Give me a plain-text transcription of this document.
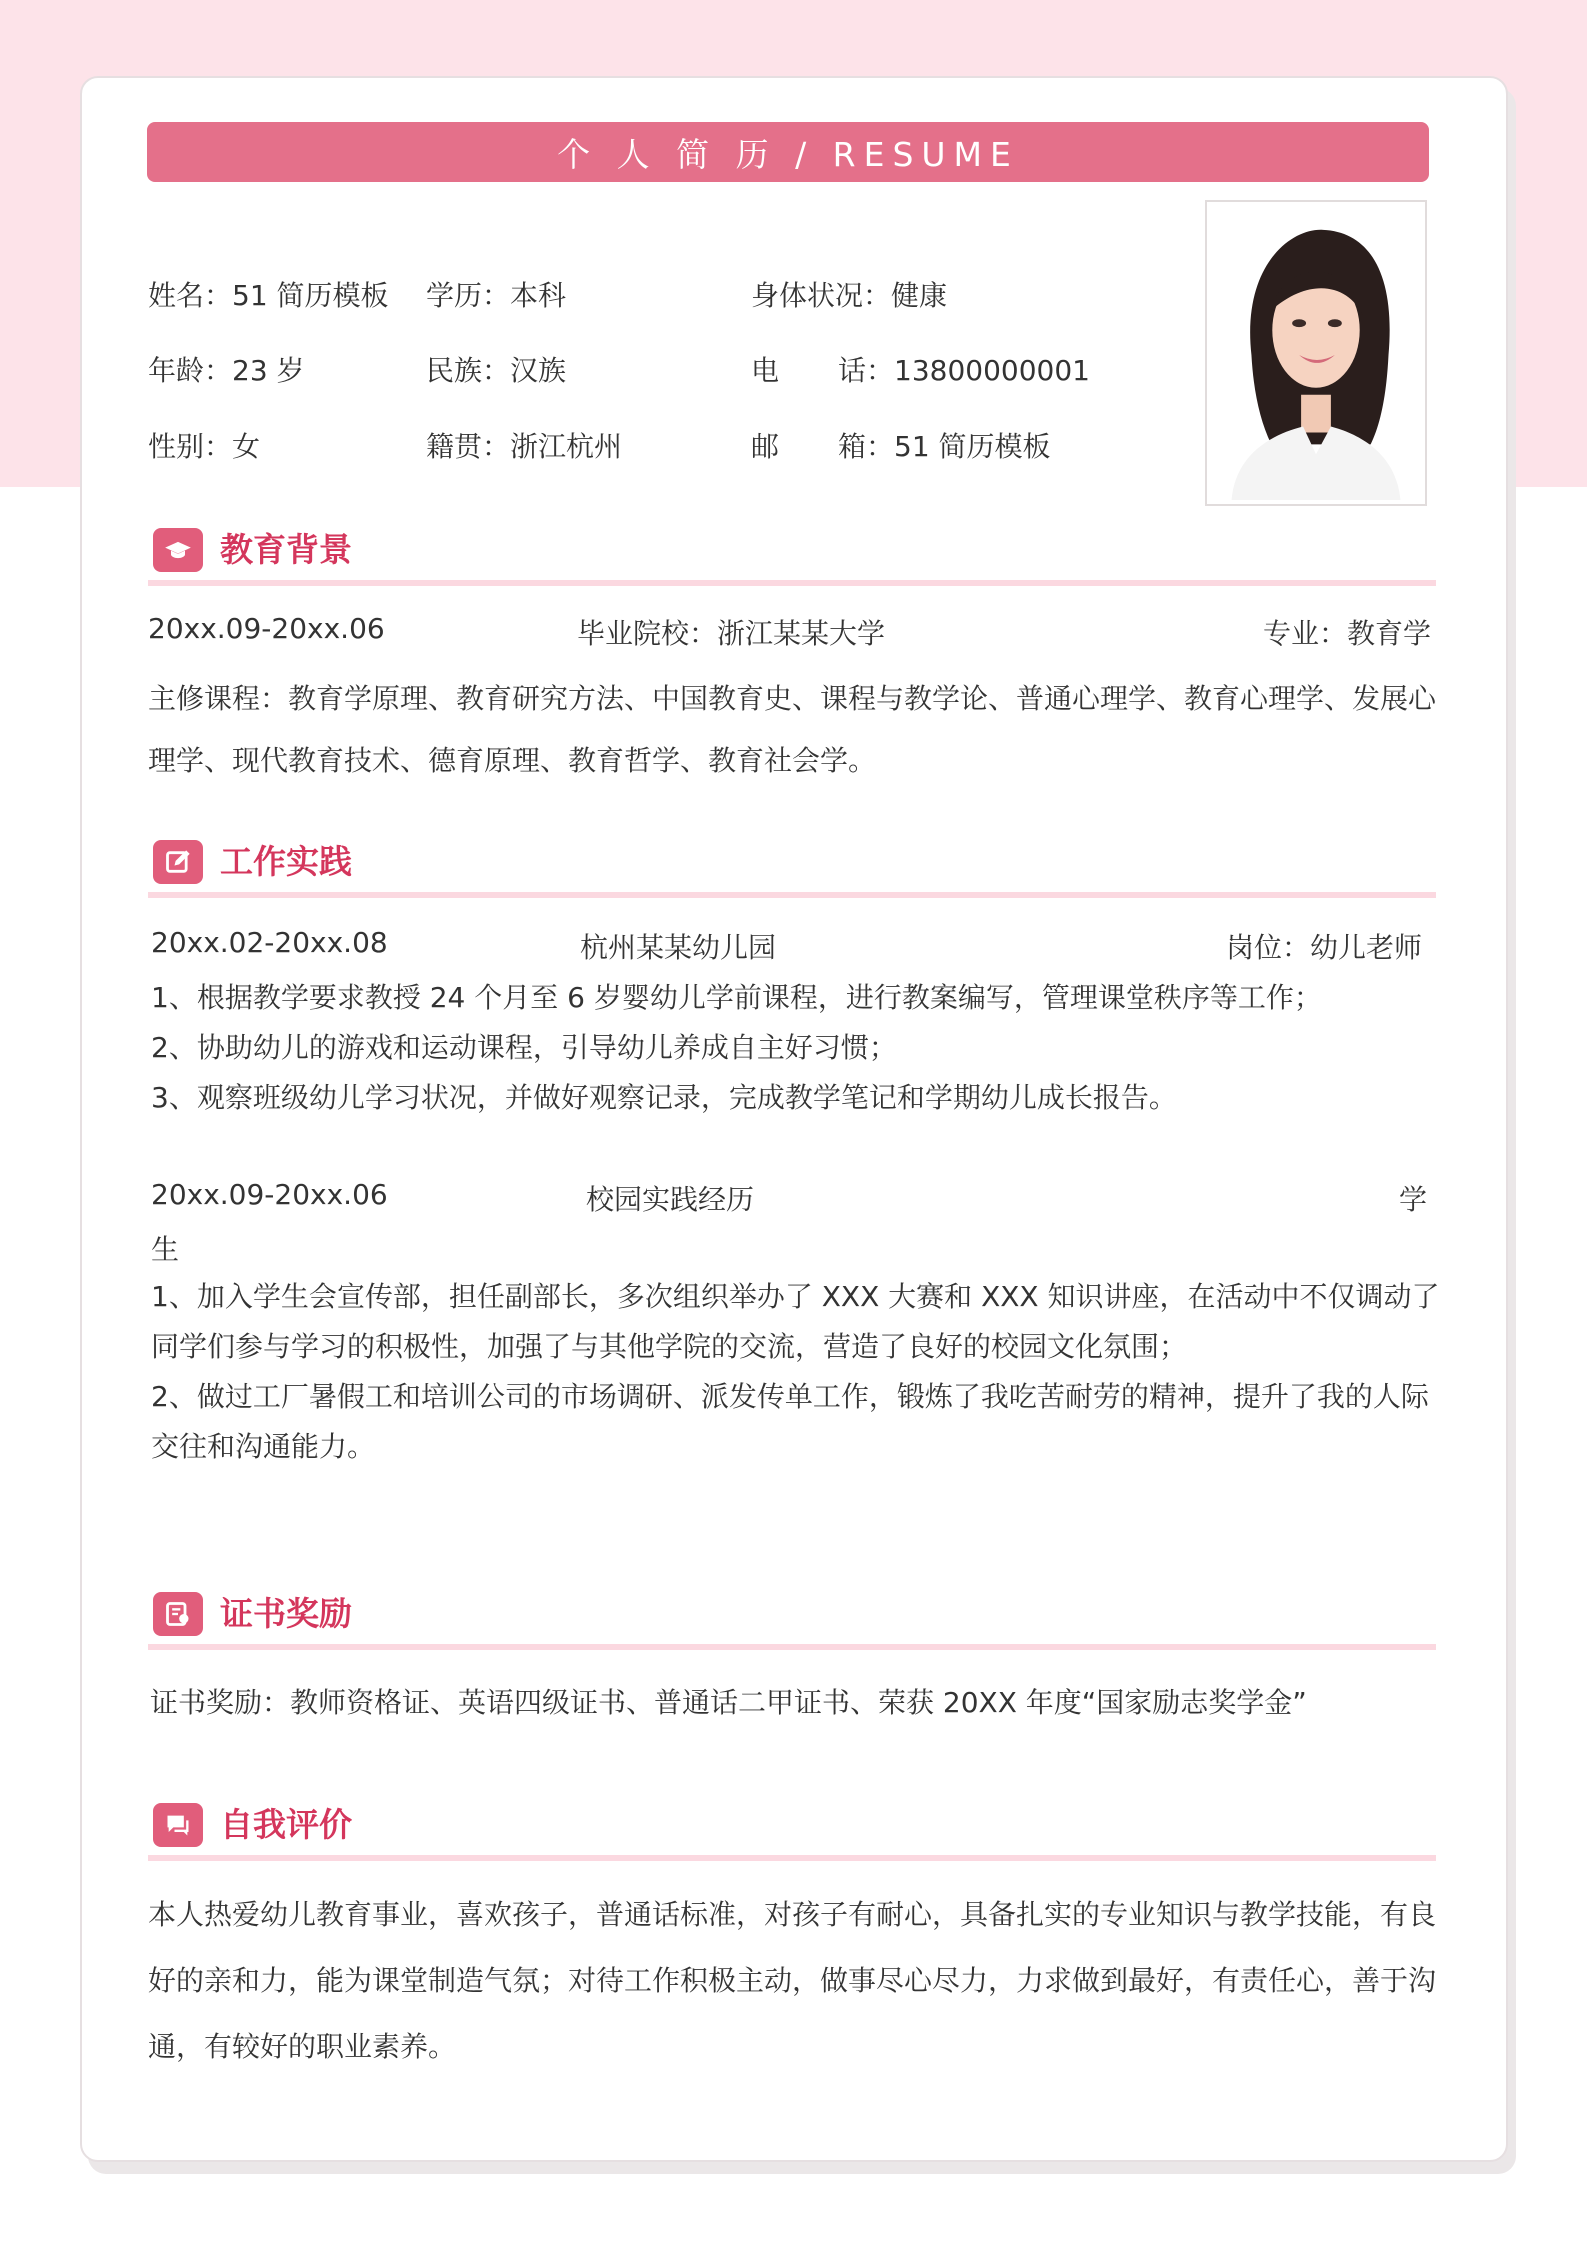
个 人 简 历 / RESUME
姓名：51 简历模板 学历：本科	身体状况：健康
年龄：23 岁	民族：汉族	电 话：13800000001
性别：女	籍贯：浙江杭州	邮 箱：51 简历模板
教育背景
20xx.09-20xx.06	毕业院校：浙江某某大学	专业：教育学
主修课程：教育学原理、教育研究方法、中国教育史、课程与教学论、普通心理学、教育心理学、发展心理学、现代教育技术、德育原理、教育哲学、教育社会学。
工作实践
20xx.02-20xx.08	杭州某某幼儿园	岗位：幼儿老师
1、根据教学要求教授 24 个月至 6 岁婴幼儿学前课程，进行教案编写，管理课堂秩序等工作；
2、协助幼儿的游戏和运动课程，引导幼儿养成自主好习惯；
3、观察班级幼儿学习状况，并做好观察记录，完成教学笔记和学期幼儿成长报告。
20xx.09-20xx.06	校园实践经历	学
生
1、加入学生会宣传部，担任副部长，多次组织举办了 XXX 大赛和 XXX 知识讲座，在活动中不仅调动了同学们参与学习的积极性，加强了与其他学院的交流，营造了良好的校园文化氛围；
2、做过工厂暑假工和培训公司的市场调研、派发传单工作，锻炼了我吃苦耐劳的精神，提升了我的人际交往和沟通能力。
证书奖励
证书奖励：教师资格证、英语四级证书、普通话二甲证书、荣获 20XX 年度“国家励志奖学金”
自我评价
本人热爱幼儿教育事业，喜欢孩子，普通话标准，对孩子有耐心，具备扎实的专业知识与教学技能，有良好的亲和力，能为课堂制造气氛；对待工作积极主动，做事尽心尽力，力求做到最好，有责任心，善于沟通，有较好的职业素养。
